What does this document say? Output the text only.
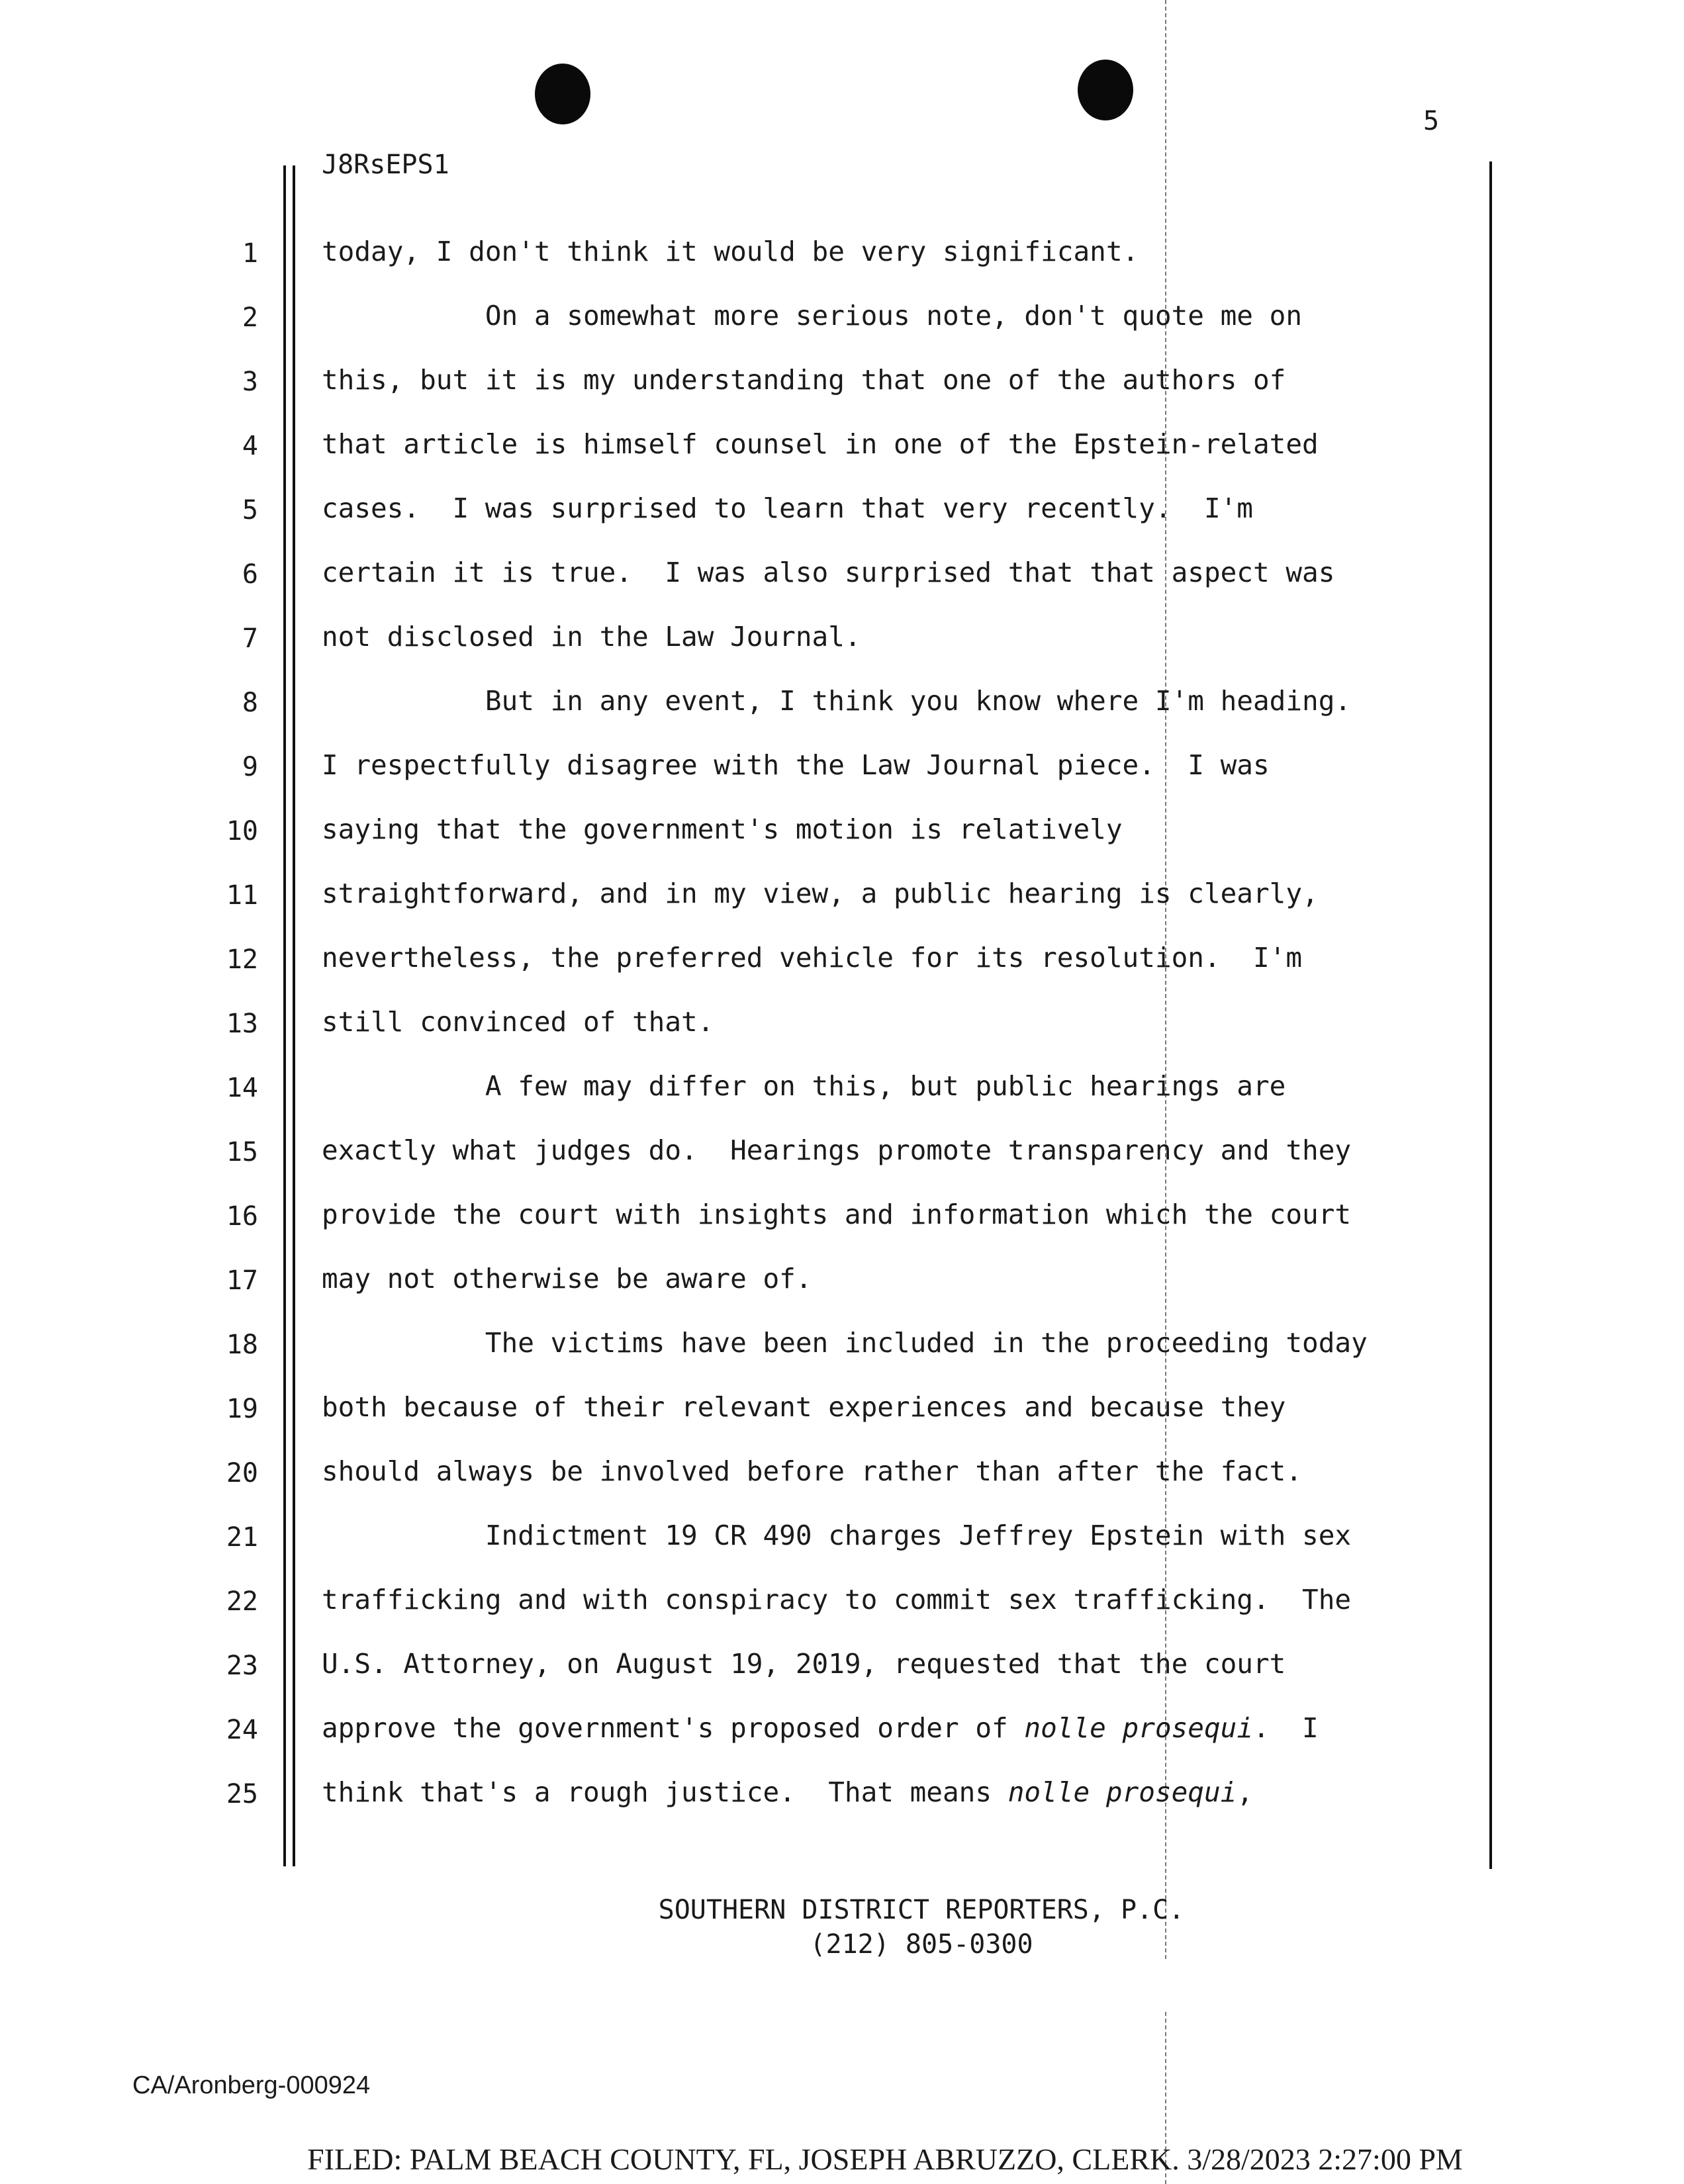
5
J8RsEPS1
1 today, I don't think it would be very significant.
2 On a somewhat more serious note, don't quote me on
3 this, but it is my understanding that one of the authors of
4 that article is himself counsel in one of the Epstein-related
5 cases.  I was surprised to learn that very recently.  I'm
6 certain it is true.  I was also surprised that that aspect was
7 not disclosed in the Law Journal.
8 But in any event, I think you know where I'm heading.
9 I respectfully disagree with the Law Journal piece.  I was
10 saying that the government's motion is relatively
11 straightforward, and in my view, a public hearing is clearly,
12 nevertheless, the preferred vehicle for its resolution.  I'm
13 still convinced of that.
14 A few may differ on this, but public hearings are
15 exactly what judges do.  Hearings promote transparency and they
16 provide the court with insights and information which the court
17 may not otherwise be aware of.
18 The victims have been included in the proceeding today
19 both because of their relevant experiences and because they
20 should always be involved before rather than after the fact.
21 Indictment 19 CR 490 charges Jeffrey Epstein with sex
22 trafficking and with conspiracy to commit sex trafficking.  The
23 U.S. Attorney, on August 19, 2019, requested that the court
24 approve the government's proposed order of nolle prosequi.  I
25 think that's a rough justice.  That means nolle prosequi,
SOUTHERN DISTRICT REPORTERS, P.C.
(212) 805-0300
CA/Aronberg-000924
FILED: PALM BEACH COUNTY, FL, JOSEPH ABRUZZO, CLERK. 3/28/2023 2:27:00 PM
